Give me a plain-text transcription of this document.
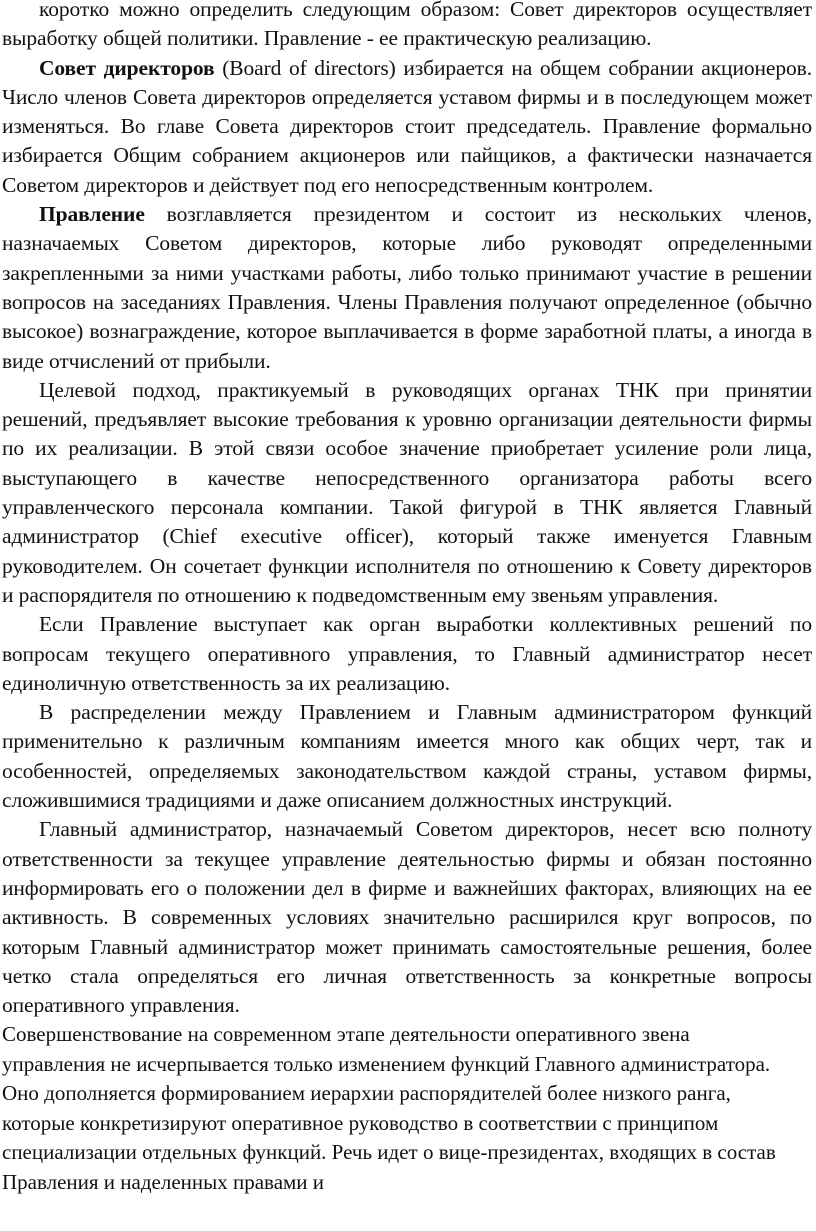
коротко можно определить следующим образом: Совет директоров осуществляет выработку общей политики. Правление - ее практическую реализацию.

Совет директоров (Board of directors) избирается на общем собрании акционеров. Число членов Совета директоров определяется уставом фирмы и в последующем может изменяться. Во главе Совета директоров стоит председатель. Правление формально избирается Общим собранием акционеров или пайщиков, а фактически назначается Советом директоров и действует под его непосредственным контролем.

Правление возглавляется президентом и состоит из нескольких членов, назначаемых Советом директоров, которые либо руководят определенными закрепленными за ними участками работы, либо только принимают участие в решении вопросов на заседаниях Правления. Члены Правления получают определенное (обычно высокое) вознаграждение, которое выплачивается в форме заработной платы, а иногда в виде отчислений от прибыли.

Целевой подход, практикуемый в руководящих органах ТНК при принятии решений, предъявляет высокие требования к уровню организации деятельности фирмы по их реализации. В этой связи особое значение приобретает усиление роли лица, выступающего в качестве непосредственного организатора работы всего управленческого персонала компании. Такой фигурой в ТНК является Главный администратор (Chief executive officer), который также именуется Главным руководителем. Он сочетает функции исполнителя по отношению к Совету директоров и распорядителя по отношению к подведомственным ему звеньям управления.

Если Правление выступает как орган выработки коллективных решений по вопросам текущего оперативного управления, то Главный администратор несет единоличную ответственность за их реализацию.

В распределении между Правлением и Главным администратором функций применительно к различным компаниям имеется много как общих черт, так и особенностей, определяемых законодательством каждой страны, уставом фирмы, сложившимися традициями и даже описанием должностных инструкций.

Главный администратор, назначаемый Советом директоров, несет всю полноту ответственности за текущее управление деятельностью фирмы и обязан постоянно информировать его о положении дел в фирме и важнейших факторах, влияющих на ее активность. В современных условиях значительно расширился круг вопросов, по которым Главный администратор может принимать самостоятельные решения, более четко стала определяться его личная ответственность за конкретные вопросы оперативного управления.

Совершенствование на современном этапе деятельности оперативного звена управления не исчерпывается только изменением функций Главного администратора. Оно дополняется формированием иерархии распорядителей более низкого ранга, которые конкретизируют оперативное руководство в соответствии с принципом специализации отдельных функций. Речь идет о вице-президентах, входящих в состав Правления и наделенных правами и
